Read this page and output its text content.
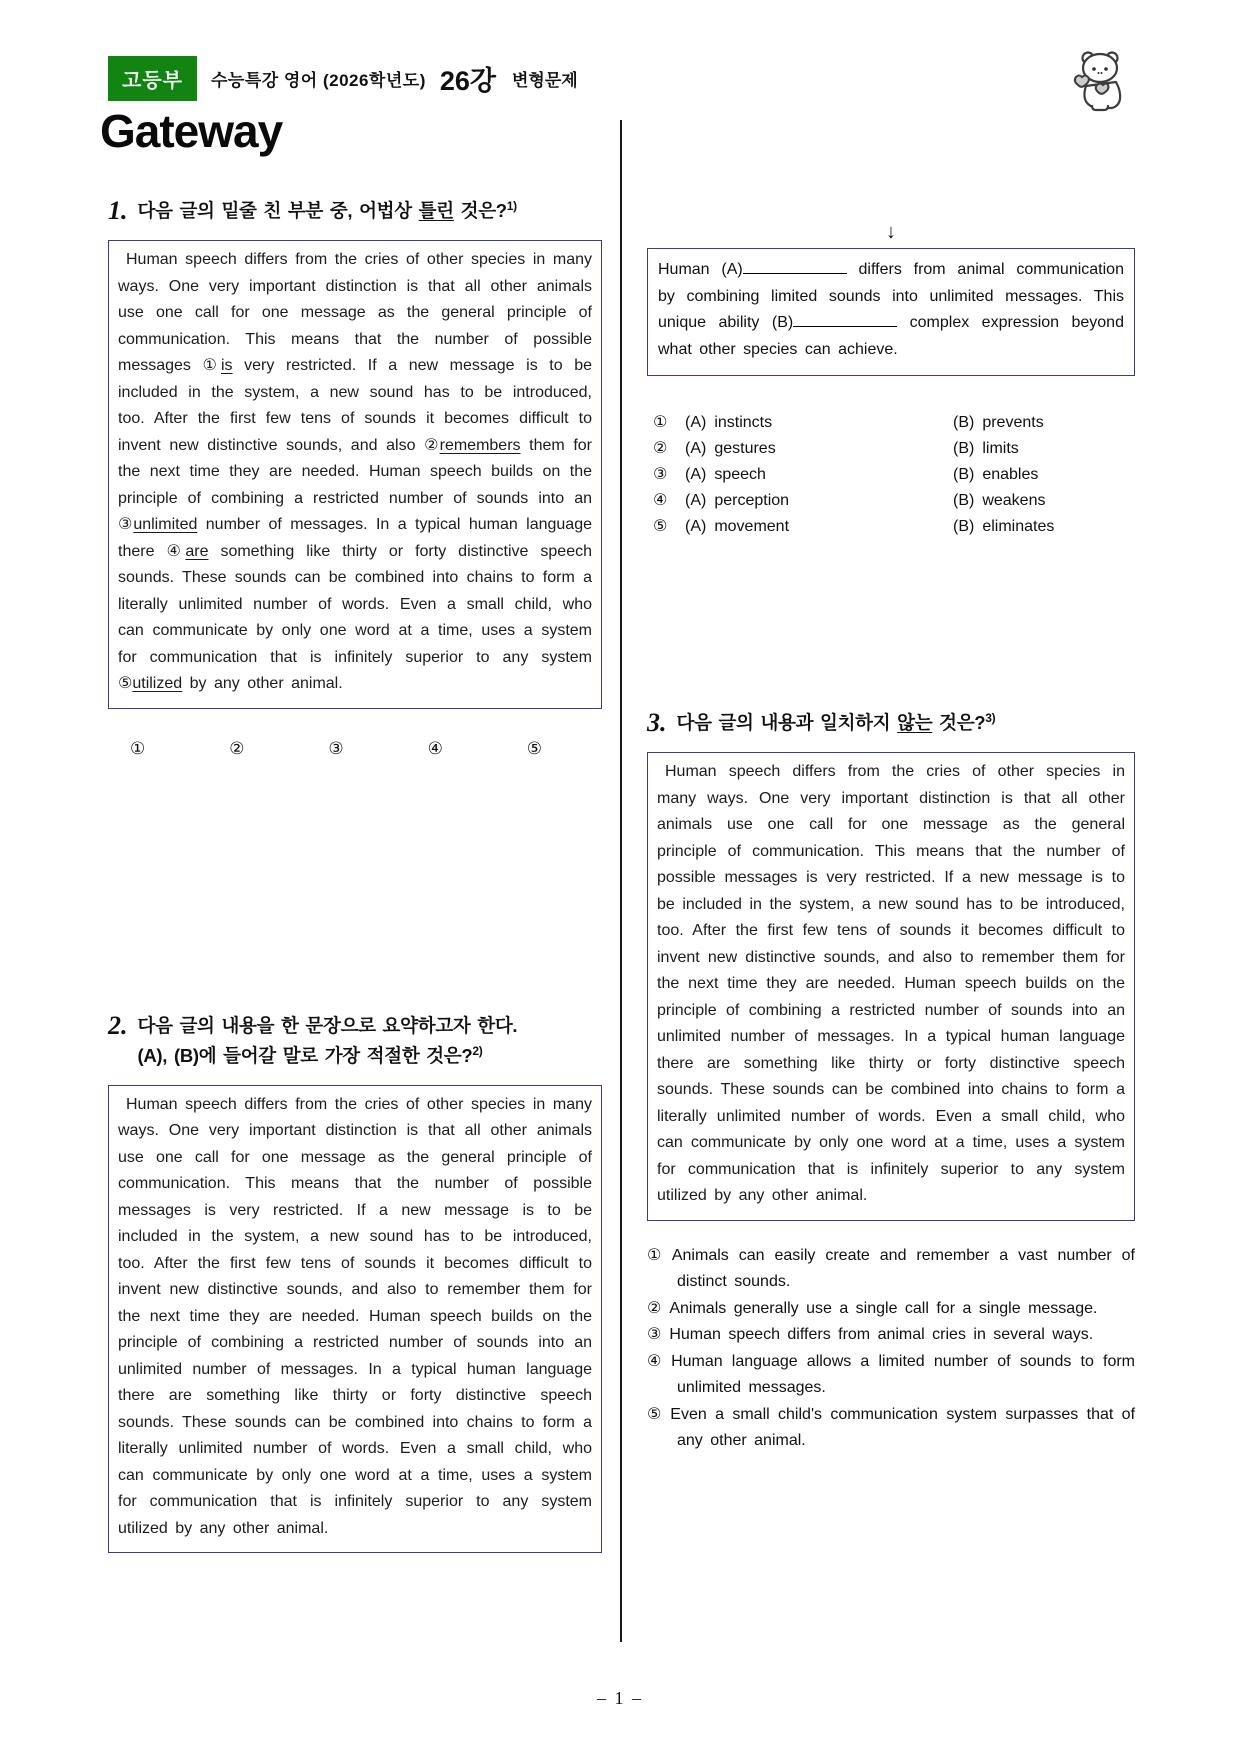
고등부	수능특강 영어 (2026학년도) 26강 변형문제
Gateway
1. 다음 글의 밑줄 친 부분 중, 어법상 틀린 것은?$^{1)}$
Human speech differs from the cries of other species in many ways. One very important distinction is that all other animals use one call for one message as the general principle of communication. This means that the number of possible messages ①is very restricted. If a new message is to be included in the system, a new sound has to be introduced, too. After the first few tens of sounds it becomes difficult to invent new distinctive sounds, and also ②remembers them for the next time they are needed. Human speech builds on the principle of combining a restricted number of sounds into an ③unlimited number of messages. In a typical human language there ④are something like thirty or forty distinctive speech sounds. These sounds can be combined into chains to form a literally unlimited number of words. Even a small child, who can communicate by only one word at a time, uses a system for communication that is infinitely superior to any system ⑤utilized by any other animal.
①	②	③	④	⑤
2. 다음 글의 내용을 한 문장으로 요약하고자 한다.
(A), (B)에 들어갈 말로 가장 적절한 것은?$^{2)}$
Human speech differs from the cries of other species in many ways. One very important distinction is that all other animals use one call for one message as the general principle of communication. This means that the number of possible messages is very restricted. If a new message is to be included in the system, a new sound has to be introduced, too. After the first few tens of sounds it becomes difficult to invent new distinctive sounds, and also to remember them for the next time they are needed. Human speech builds on the principle of combining a restricted number of sounds into an unlimited number of messages. In a typical human language there are something like thirty or forty distinctive speech sounds. These sounds can be combined into chains to form a literally unlimited number of words. Even a small child, who can communicate by only one word at a time, uses a system for communication that is infinitely superior to any system utilized by any other animal.
↓
Human (A)	differs from animal communication by combining limited sounds into unlimited messages. This unique ability (B)	complex expression beyond what other species can achieve.
①	(A) instincts	(B) prevents
②	(A) gestures	(B) limits
③	(A) speech	(B) enables
④	(A) perception	(B) weakens
⑤	(A) movement	(B) eliminates
3. 다음 글의 내용과 일치하지 않는 것은?$^{3)}$
Human speech differs from the cries of other species in many ways. One very important distinction is that all other animals use one call for one message as the general principle of communication. This means that the number of possible messages is very restricted. If a new message is to be included in the system, a new sound has to be introduced, too. After the first few tens of sounds it becomes difficult to invent new distinctive sounds, and also to remember them for the next time they are needed. Human speech builds on the principle of combining a restricted number of sounds into an unlimited number of messages. In a typical human language there are something like thirty or forty distinctive speech sounds. These sounds can be combined into chains to form a literally unlimited number of words. Even a small child, who can communicate by only one word at a time, uses a system for communication that is infinitely superior to any system utilized by any other animal.
① Animals can easily create and remember a vast number of distinct sounds.
② Animals generally use a single call for a single message.
③ Human speech differs from animal cries in several ways.
④ Human language allows a limited number of sounds to form unlimited messages.
⑤ Even a small child's communication system surpasses that of any other animal.
– 1 –
